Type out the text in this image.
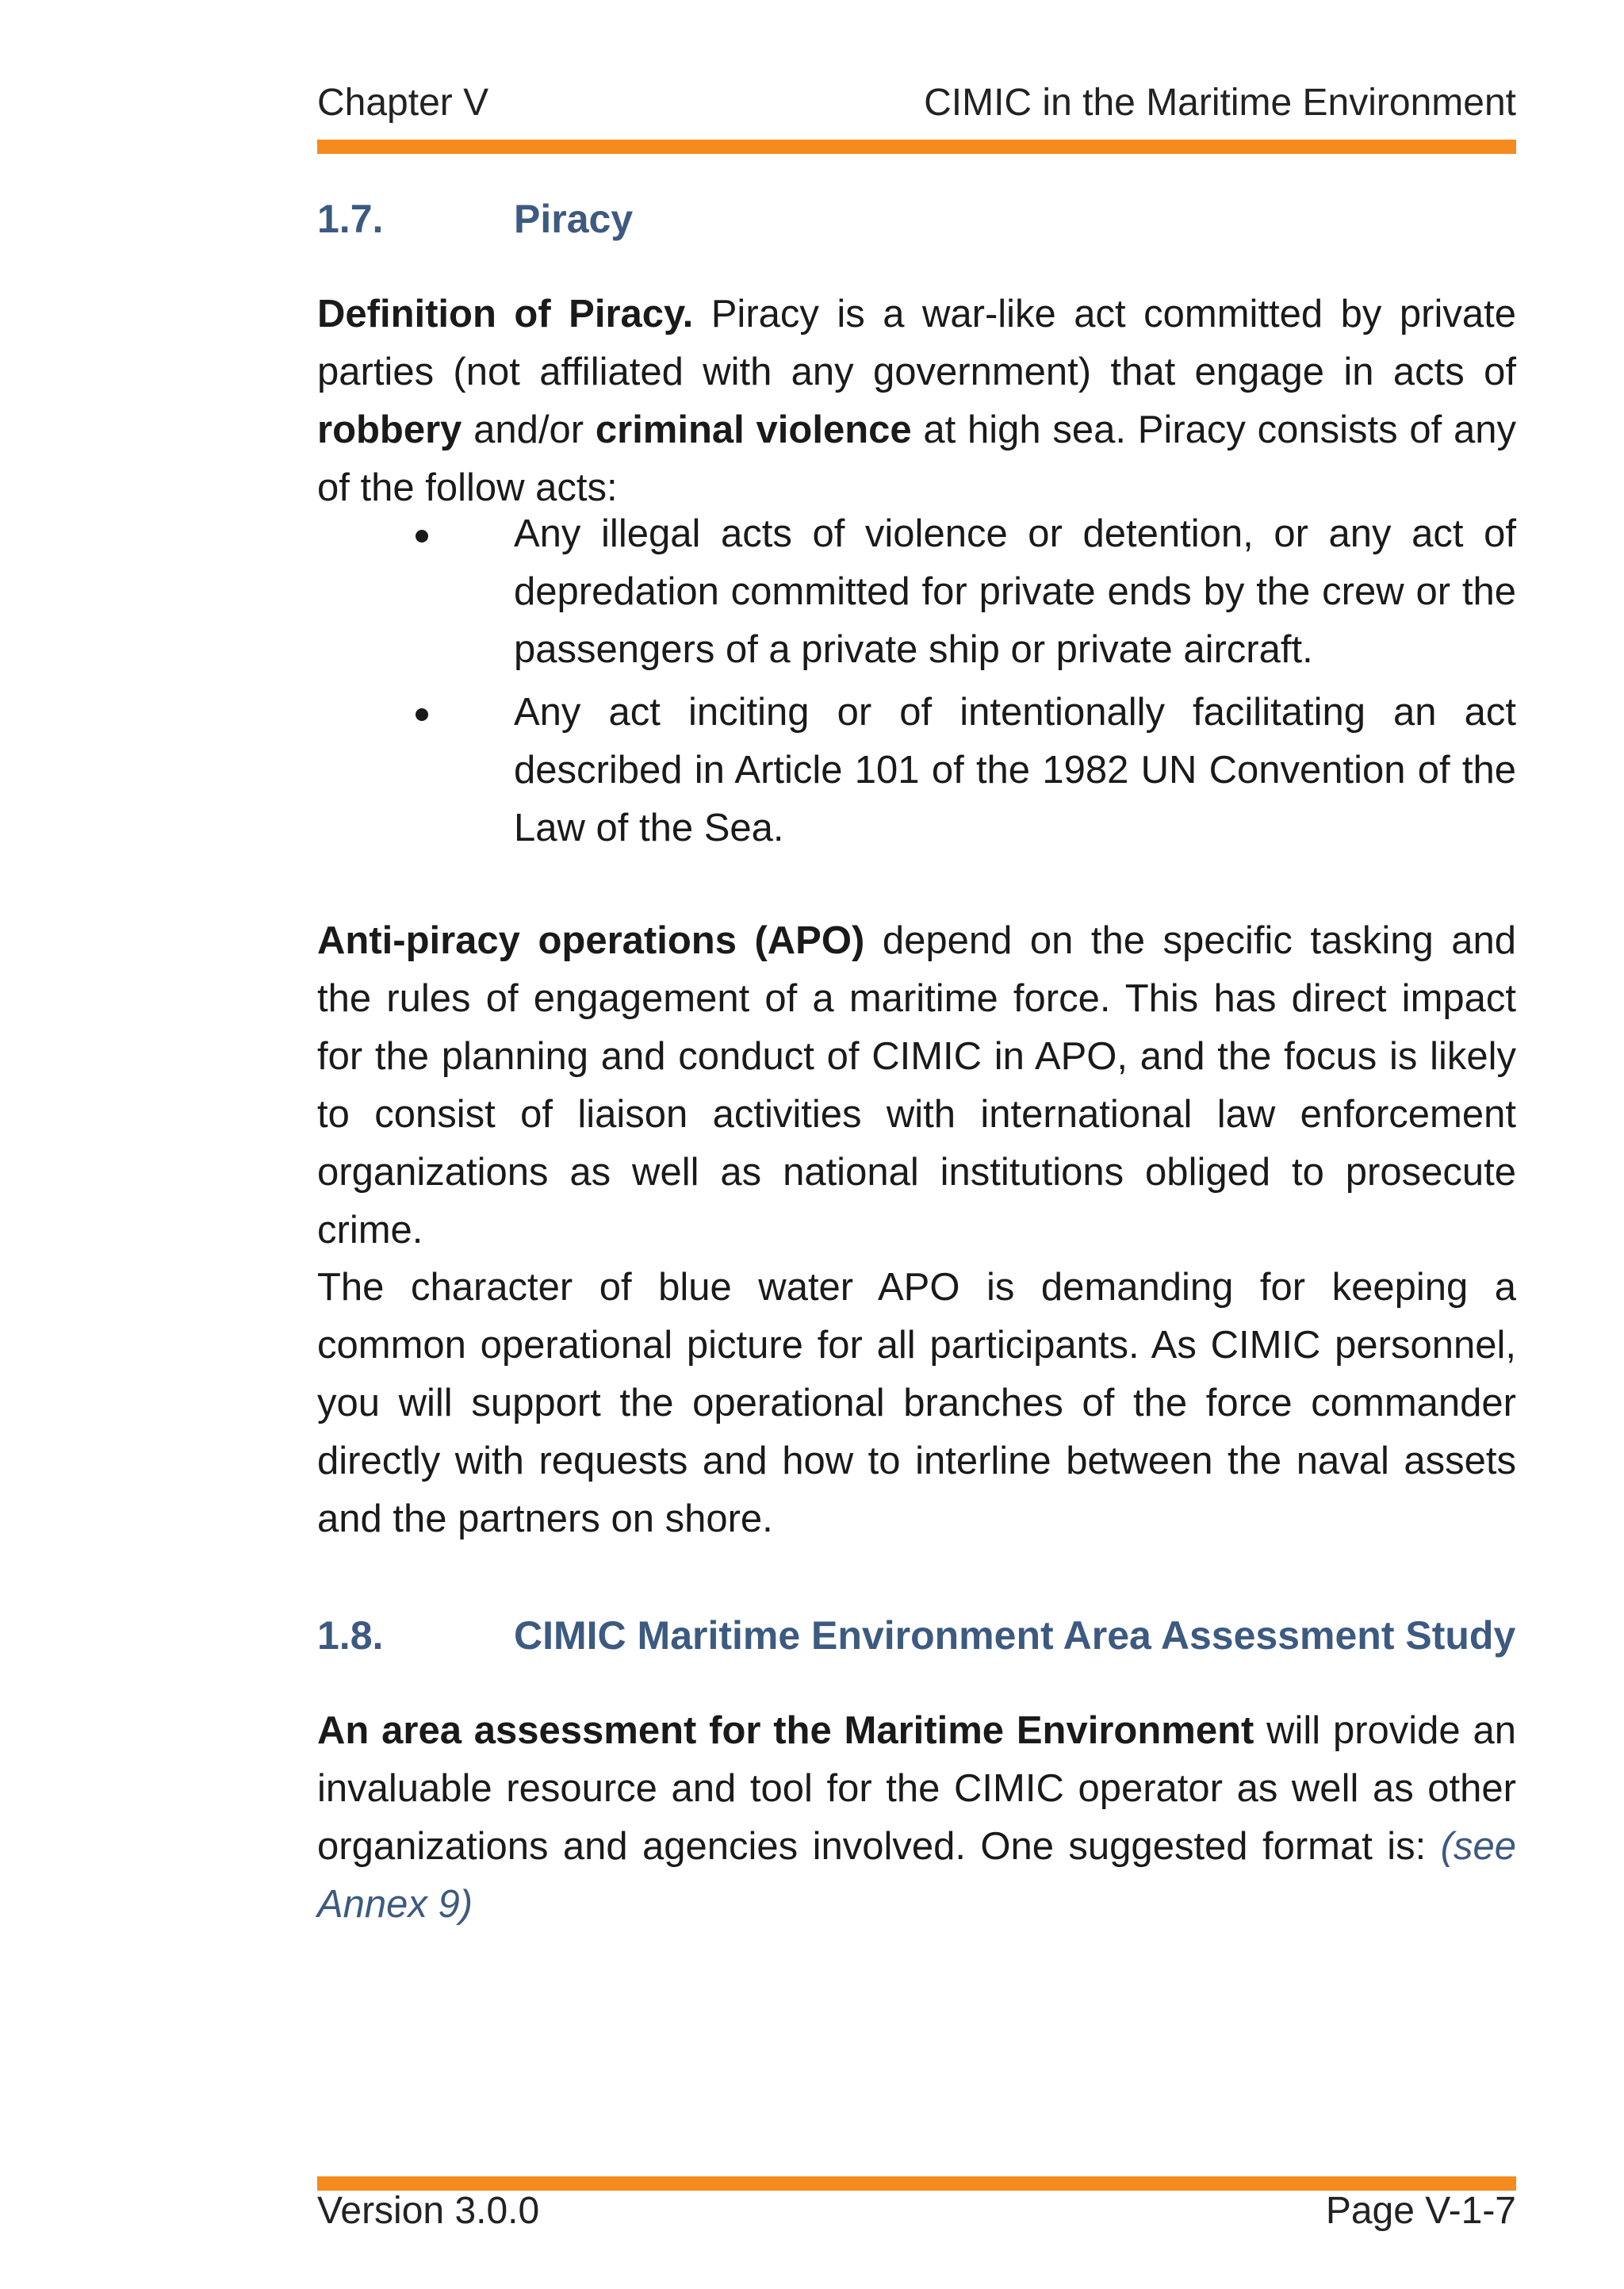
Chapter V	CIMIC in the Maritime Environment
1.7.	Piracy
Definition of Piracy. Piracy is a war-like act committed by private parties (not affiliated with any government) that engage in acts of robbery and/or criminal violence at high sea. Piracy consists of any of the follow acts:
Any illegal acts of violence or detention, or any act of depredation committed for private ends by the crew or the passengers of a private ship or private aircraft.
Any act inciting or of intentionally facilitating an act described in Article 101 of the 1982 UN Convention of the Law of the Sea.
Anti-piracy operations (APO) depend on the specific tasking and the rules of engagement of a maritime force. This has direct impact for the planning and conduct of CIMIC in APO, and the focus is likely to consist of liaison activities with international law enforcement organizations as well as national institutions obliged to prosecute crime.
The character of blue water APO is demanding for keeping a common operational picture for all participants. As CIMIC personnel, you will support the operational branches of the force commander directly with requests and how to interline between the naval assets and the partners on shore.
1.8.	CIMIC Maritime Environment Area Assessment Study
An area assessment for the Maritime Environment will provide an invaluable resource and tool for the CIMIC operator as well as other organizations and agencies involved. One suggested format is: (see Annex 9)
Version 3.0.0	Page V-1-7
